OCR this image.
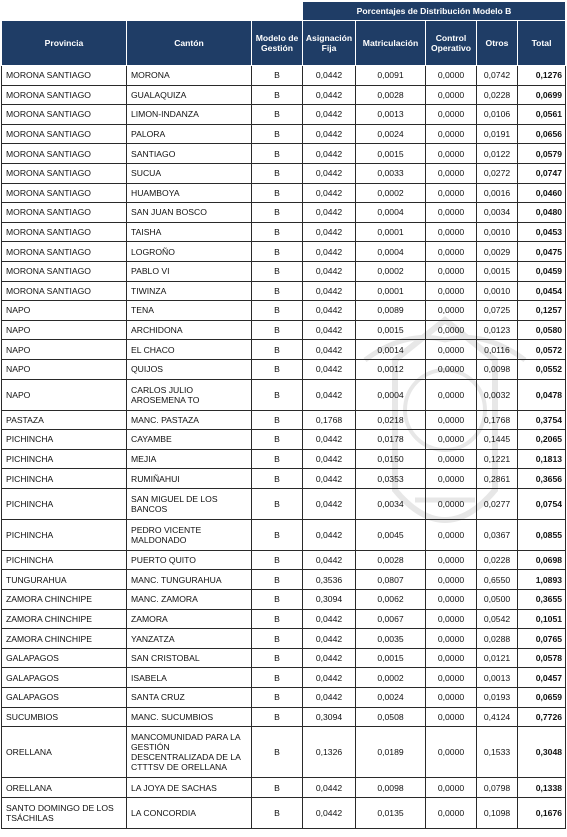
			Porcentajes de Distribución Modelo B				
Provincia	Cantón	Modelo de Gestión	Asignación Fija	Matriculación	Control Operativo	Otros	Total
MORONA SANTIAGO	MORONA	B	0,0442	0,0091	0,0000	0,0742	0,1276
MORONA SANTIAGO	GUALAQUIZA	B	0,0442	0,0028	0,0000	0,0228	0,0699
MORONA SANTIAGO	LIMON-INDANZA	B	0,0442	0,0013	0,0000	0,0106	0,0561
MORONA SANTIAGO	PALORA	B	0,0442	0,0024	0,0000	0,0191	0,0656
MORONA SANTIAGO	SANTIAGO	B	0,0442	0,0015	0,0000	0,0122	0,0579
MORONA SANTIAGO	SUCUA	B	0,0442	0,0033	0,0000	0,0272	0,0747
MORONA SANTIAGO	HUAMBOYA	B	0,0442	0,0002	0,0000	0,0016	0,0460
MORONA SANTIAGO	SAN JUAN BOSCO	B	0,0442	0,0004	0,0000	0,0034	0,0480
MORONA SANTIAGO	TAISHA	B	0,0442	0,0001	0,0000	0,0010	0,0453
MORONA SANTIAGO	LOGROÑO	B	0,0442	0,0004	0,0000	0,0029	0,0475
MORONA SANTIAGO	PABLO VI	B	0,0442	0,0002	0,0000	0,0015	0,0459
MORONA SANTIAGO	TIWINZA	B	0,0442	0,0001	0,0000	0,0010	0,0454
NAPO	TENA	B	0,0442	0,0089	0,0000	0,0725	0,1257
NAPO	ARCHIDONA	B	0,0442	0,0015	0,0000	0,0123	0,0580
NAPO	EL CHACO	B	0,0442	0,0014	0,0000	0,0116	0,0572
NAPO	QUIJOS	B	0,0442	0,0012	0,0000	0,0098	0,0552
NAPO	CARLOS JULIO AROSEMENA TO	B	0,0442	0,0004	0,0000	0,0032	0,0478
PASTAZA	MANC. PASTAZA	B	0,1768	0,0218	0,0000	0,1768	0,3754
PICHINCHA	CAYAMBE	B	0,0442	0,0178	0,0000	0,1445	0,2065
PICHINCHA	MEJIA	B	0,0442	0,0150	0,0000	0,1221	0,1813
PICHINCHA	RUMIÑAHUI	B	0,0442	0,0353	0,0000	0,2861	0,3656
PICHINCHA	SAN MIGUEL DE LOS BANCOS	B	0,0442	0,0034	0,0000	0,0277	0,0754
PICHINCHA	PEDRO VICENTE MALDONADO	B	0,0442	0,0045	0,0000	0,0367	0,0855
PICHINCHA	PUERTO QUITO	B	0,0442	0,0028	0,0000	0,0228	0,0698
TUNGURAHUA	MANC. TUNGURAHUA	B	0,3536	0,0807	0,0000	0,6550	1,0893
ZAMORA CHINCHIPE	MANC. ZAMORA	B	0,3094	0,0062	0,0000	0,0500	0,3655
ZAMORA CHINCHIPE	ZAMORA	B	0,0442	0,0067	0,0000	0,0542	0,1051
ZAMORA CHINCHIPE	YANZATZA	B	0,0442	0,0035	0,0000	0,0288	0,0765
GALAPAGOS	SAN CRISTOBAL	B	0,0442	0,0015	0,0000	0,0121	0,0578
GALAPAGOS	ISABELA	B	0,0442	0,0002	0,0000	0,0013	0,0457
GALAPAGOS	SANTA CRUZ	B	0,0442	0,0024	0,0000	0,0193	0,0659
SUCUMBIOS	MANC. SUCUMBIOS	B	0,3094	0,0508	0,0000	0,4124	0,7726
ORELLANA	MANCOMUNIDAD PARA LA GESTIÓN DESCENTRALIZADA DE LA CTTTSV DE ORELLANA	B	0,1326	0,0189	0,0000	0,1533	0,3048
ORELLANA	LA JOYA DE SACHAS	B	0,0442	0,0098	0,0000	0,0798	0,1338
SANTO DOMINGO DE LOS TSÁCHILAS	LA CONCORDIA	B	0,0442	0,0135	0,0000	0,1098	0,1676
